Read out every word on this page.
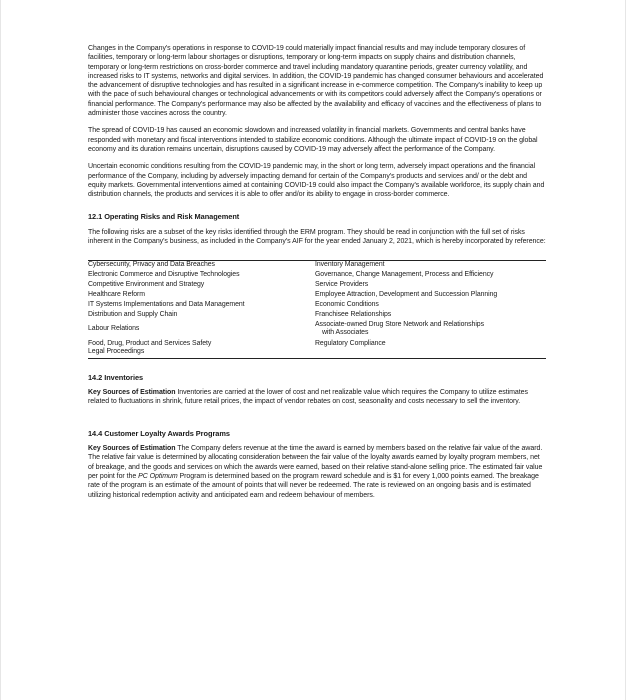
Changes in the Company's operations in response to COVID-19 could materially impact financial results and may include temporary closures of facilities, temporary or long-term labour shortages or disruptions, temporary or long-term impacts on supply chains and distribution channels, temporary or long-term restrictions on cross-border commerce and travel including mandatory quarantine periods, greater currency volatility, and increased risks to IT systems, networks and digital services. In addition, the COVID-19 pandemic has changed consumer behaviours and accelerated the advancement of disruptive technologies and has resulted in a significant increase in e-commerce competition. The Company's inability to keep up with the pace of such behavioural changes or technological advancements or with its competitors could adversely affect the Company's operations or financial performance. The Company's performance may also be affected by the availability and efficacy of vaccines and the effectiveness of plans to administer those vaccines across the country.

The spread of COVID-19 has caused an economic slowdown and increased volatility in financial markets. Governments and central banks have responded with monetary and fiscal interventions intended to stabilize economic conditions. Although the ultimate impact of COVID-19 on the global economy and its duration remains uncertain, disruptions caused by COVID-19 may adversely affect the performance of the Company.

Uncertain economic conditions resulting from the COVID-19 pandemic may, in the short or long term, adversely impact operations and the financial performance of the Company, including by adversely impacting demand for certain of the Company's products and services and/ or the debt and equity markets. Governmental interventions aimed at containing COVID-19 could also impact the Company's available workforce, its supply chain and distribution channels, the products and services it is able to offer and/or its ability to engage in cross-border commerce.

12.1 Operating Risks and Risk Management

The following risks are a subset of the key risks identified through the ERM program. They should be read in conjunction with the full set of risks inherent in the Company's business, as included in the Company's AIF for the year ended January 2, 2021, which is hereby incorporated by reference:

Cybersecurity, Privacy and Data Breaches	Inventory Management
Electronic Commerce and Disruptive Technologies	Governance, Change Management, Process and Efficiency
Competitive Environment and Strategy	Service Providers
Healthcare Reform	Employee Attraction, Development and Succession Planning
IT Systems Implementations and Data Management	Economic Conditions
Distribution and Supply Chain	Franchisee Relationships
Labour Relations	Associate-owned Drug Store Network and Relationships
with Associates

Food, Drug, Product and Services Safety	Regulatory Compliance
Legal Proceedings	
14.2 Inventories

Key Sources of Estimation Inventories are carried at the lower of cost and net realizable value which requires the Company to utilize estimates related to fluctuations in shrink, future retail prices, the impact of vendor rebates on cost, seasonality and costs necessary to sell the inventory.

14.4 Customer Loyalty Awards Programs

Key Sources of Estimation The Company defers revenue at the time the award is earned by members based on the relative fair value of the award. The relative fair value is determined by allocating consideration between the fair value of the loyalty awards earned by loyalty program members, net of breakage, and the goods and services on which the awards were earned, based on their relative stand-alone selling price. The estimated fair value per point for the PC Optimum Program is determined based on the program reward schedule and is $1 for every 1,000 points earned. The breakage rate of the program is an estimate of the amount of points that will never be redeemed. The rate is reviewed on an ongoing basis and is estimated utilizing historical redemption activity and anticipated earn and redeem behaviour of members.
